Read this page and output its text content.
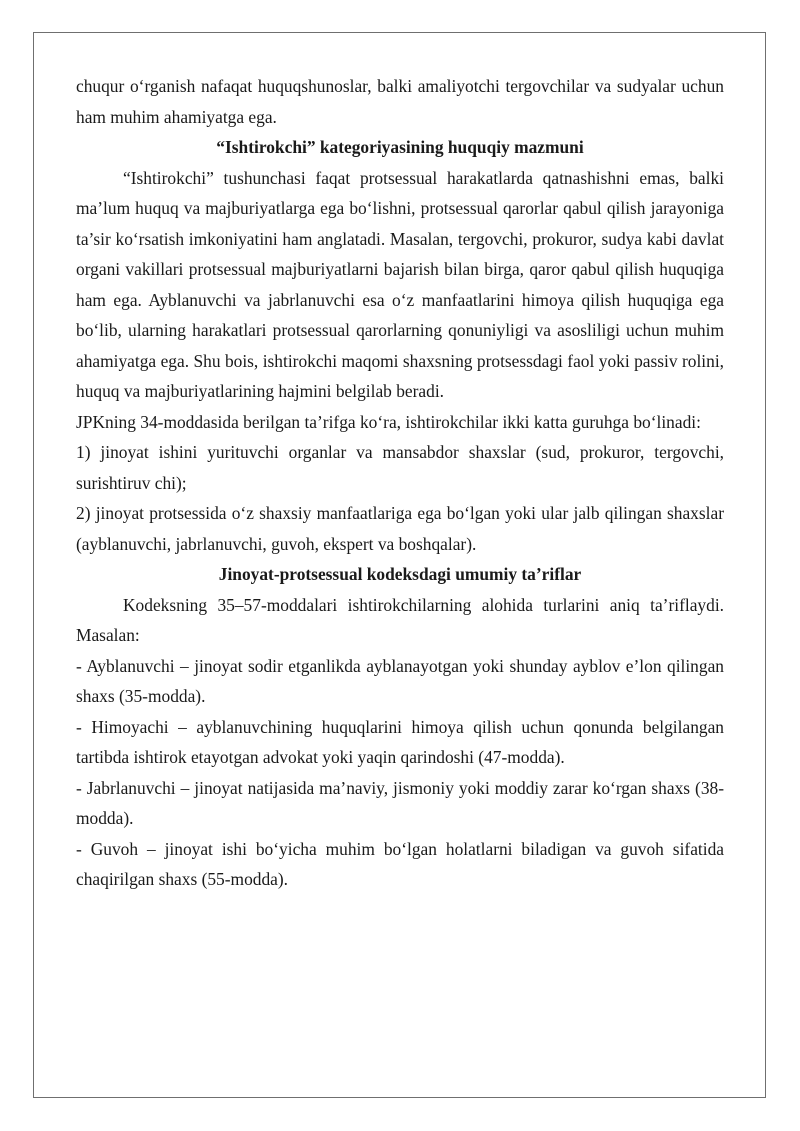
chuqur o‘rganish nafaqat huquqshunoslar, balki amaliyotchi tergovchilar va sudyalar uchun ham muhim ahamiyatga ega.

“Ishtirokchi” kategoriyasining huquqiy mazmuni

“Ishtirokchi” tushunchasi faqat protsessual harakatlarda qatnashishni emas, balki ma’lum huquq va majburiyatlarga ega bo‘lishni, protsessual qarorlar qabul qilish jarayoniga ta’sir ko‘rsatish imkoniyatini ham anglatadi. Masalan, tergovchi, prokuror, sudya kabi davlat organi vakillari protsessual majburiyatlarni bajarish bilan birga, qaror qabul qilish huquqiga ham ega. Ayblanuvchi va jabrlanuvchi esa o‘z manfaatlarini himoya qilish huquqiga ega bo‘lib, ularning harakatlari protsessual qarorlarning qonuniyligi va asosliligi uchun muhim ahamiyatga ega. Shu bois, ishtirokchi maqomi shaxsning protsessdagi faol yoki passiv rolini, huquq va majburiyatlarining hajmini belgilab beradi.

JPKning 34-moddasida berilgan ta’rifga ko‘ra, ishtirokchilar ikki katta guruhga bo‘linadi:

1) jinoyat ishini yurituvchi organlar va mansabdor shaxslar (sud, prokuror, tergovchi, surishtiruv chi);

2) jinoyat protsessida o‘z shaxsiy manfaatlariga ega bo‘lgan yoki ular jalb qilingan shaxslar (ayblanuvchi, jabrlanuvchi, guvoh, ekspert va boshqalar).

Jinoyat-protsessual kodeksdagi umumiy ta’riflar

Kodeksning 35–57-moddalari ishtirokchilarning alohida turlarini aniq ta’riflaydi. Masalan:

- Ayblanuvchi – jinoyat sodir etganlikda ayblanayotgan yoki shunday ayblov e’lon qilingan shaxs (35-modda).

- Himoyachi – ayblanuvchining huquqlarini himoya qilish uchun qonunda belgilangan tartibda ishtirok etayotgan advokat yoki yaqin qarindoshi (47-modda).

- Jabrlanuvchi – jinoyat natijasida ma’naviy, jismoniy yoki moddiy zarar ko‘rgan shaxs (38-modda).

- Guvoh – jinoyat ishi bo‘yicha muhim bo‘lgan holatlarni biladigan va guvoh sifatida chaqirilgan shaxs (55-modda).
